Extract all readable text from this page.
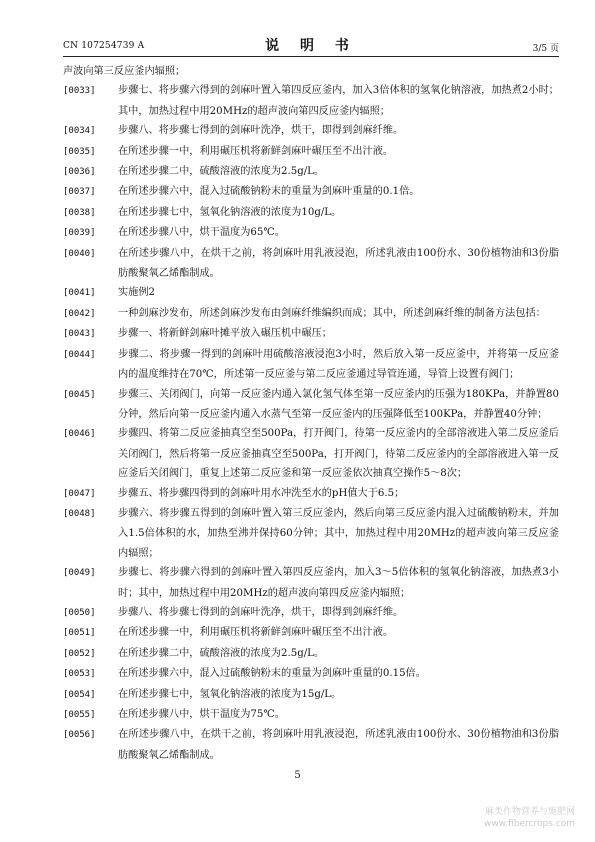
CN 107254739 A	说 明 书	3/5 页

声波向第三反应釜内辐照；

[0033] 步骤七、将步骤六得到的剑麻叶置入第四反应釜内，加入3倍体积的氢氧化钠溶液，加热煮2小时；其中，加热过程中用20MHz的超声波向第四反应釜内辐照；

[0034] 步骤八、将步骤七得到的剑麻叶洗净，烘干，即得到剑麻纤维。

[0035] 在所述步骤一中，利用碾压机将新鲜剑麻叶碾压至不出汁液。

[0036] 在所述步骤二中，硫酸溶液的浓度为2.5g/L。

[0037] 在所述步骤六中，混入过硫酸钠粉末的重量为剑麻叶重量的0.1倍。

[0038] 在所述步骤七中，氢氧化钠溶液的浓度为10g/L。

[0039] 在所述步骤八中，烘干温度为65℃。

[0040] 在所述步骤八中，在烘干之前，将剑麻叶用乳液浸泡，所述乳液由100份水、30份植物油和3份脂肪酸聚氧乙烯酯制成。

[0041] 实施例2

[0042] 一种剑麻沙发布，所述剑麻沙发布由剑麻纤维编织而成；其中，所述剑麻纤维的制备方法包括：

[0043] 步骤一、将新鲜剑麻叶摊平放入碾压机中碾压；

[0044] 步骤二、将步骤一得到的剑麻叶用硫酸溶液浸泡3小时，然后放入第一反应釜中，并将第一反应釜内的温度维持在70℃，所述第一反应釜与第二反应釜通过导管连通，导管上设置有阀门；

[0045] 步骤三、关闭阀门，向第一反应釜内通入氯化氢气体至第一反应釜内的压强为180KPa，并静置80分钟，然后向第一反应釜内通入水蒸气至第一反应釜内的压强降低至100KPa，并静置40分钟；

[0046] 步骤四、将第二反应釜抽真空至500Pa，打开阀门，待第一反应釜内的全部溶液进入第二反应釜后关闭阀门，然后将第一反应釜抽真空至500Pa，打开阀门，待第二反应釜内的全部溶液进入第一反应釜后关闭阀门，重复上述第二反应釜和第一反应釜依次抽真空操作5～8次；

[0047] 步骤五、将步骤四得到的剑麻叶用水冲洗至水的pH值大于6.5；

[0048] 步骤六、将步骤五得到的剑麻叶置入第三反应釜内，然后向第三反应釜内混入过硫酸钠粉末，并加入1.5倍体积的水，加热至沸并保持60分钟；其中，加热过程中用20MHz的超声波向第三反应釜内辐照；

[0049] 步骤七、将步骤六得到的剑麻叶置入第四反应釜内，加入3～5倍体积的氢氧化钠溶液，加热煮3小时；其中，加热过程中用20MHz的超声波向第四反应釜内辐照；

[0050] 步骤八、将步骤七得到的剑麻叶洗净，烘干，即得到剑麻纤维。

[0051] 在所述步骤一中，利用碾压机将新鲜剑麻叶碾压至不出汁液。

[0052] 在所述步骤二中，硫酸溶液的浓度为2.5g/L。

[0053] 在所述步骤六中，混入过硫酸钠粉末的重量为剑麻叶重量的0.15倍。

[0054] 在所述步骤七中，氢氧化钠溶液的浓度为15g/L。

[0055] 在所述步骤八中，烘干温度为75℃。

[0056] 在所述步骤八中，在烘干之前，将剑麻叶用乳液浸泡，所述乳液由100份水、30份植物油和3份脂肪酸聚氧乙烯酯制成。

5
麻类作物营养与施肥网
www.fibercrops.com
